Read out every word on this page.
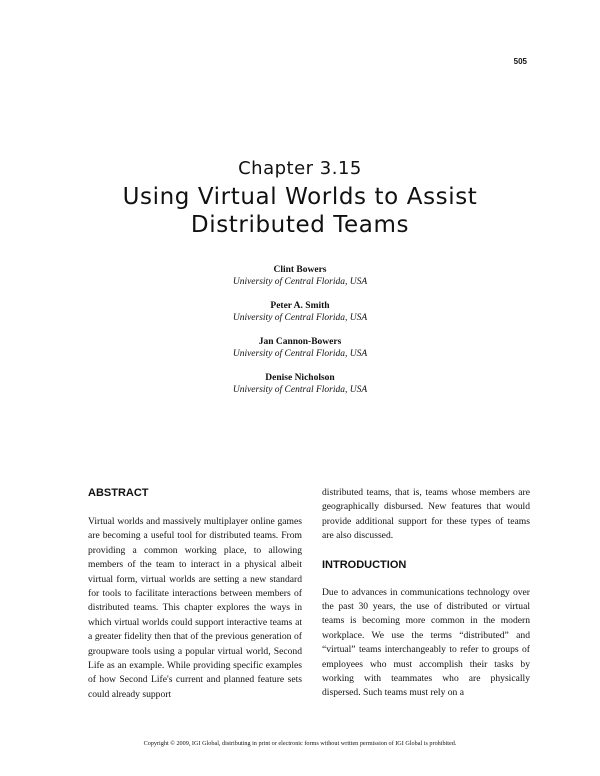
505
Chapter 3.15
Using Virtual Worlds to Assist
Distributed Teams
Clint Bowers
University of Central Florida, USA
Peter A. Smith
University of Central Florida, USA
Jan Cannon-Bowers
University of Central Florida, USA
Denise Nicholson
University of Central Florida, USA
ABSTRACT

Virtual worlds and massively multiplayer online games are becoming a useful tool for distributed teams. From providing a common working place, to allowing members of the team to interact in a physical albeit virtual form, virtual worlds are setting a new standard for tools to facilitate interactions between members of distributed teams. This chapter explores the ways in which virtual worlds could support interactive teams at a greater fidelity then that of the previous generation of groupware tools using a popular virtual world, Second Life as an example. While providing specific examples of how Second Life's current and planned feature sets could already support

distributed teams, that is, teams whose members are geographically disbursed. New features that would provide additional support for these types of teams are also discussed.

INTRODUCTION

Due to advances in communications technology over the past 30 years, the use of distributed or virtual teams is becoming more common in the modern workplace. We use the terms “distributed” and “virtual” teams interchangeably to refer to groups of employees who must accomplish their tasks by working with teammates who are physically dispersed. Such teams must rely on a

Copyright © 2009, IGI Global, distributing in print or electronic forms without written permission of IGI Global is prohibited.
